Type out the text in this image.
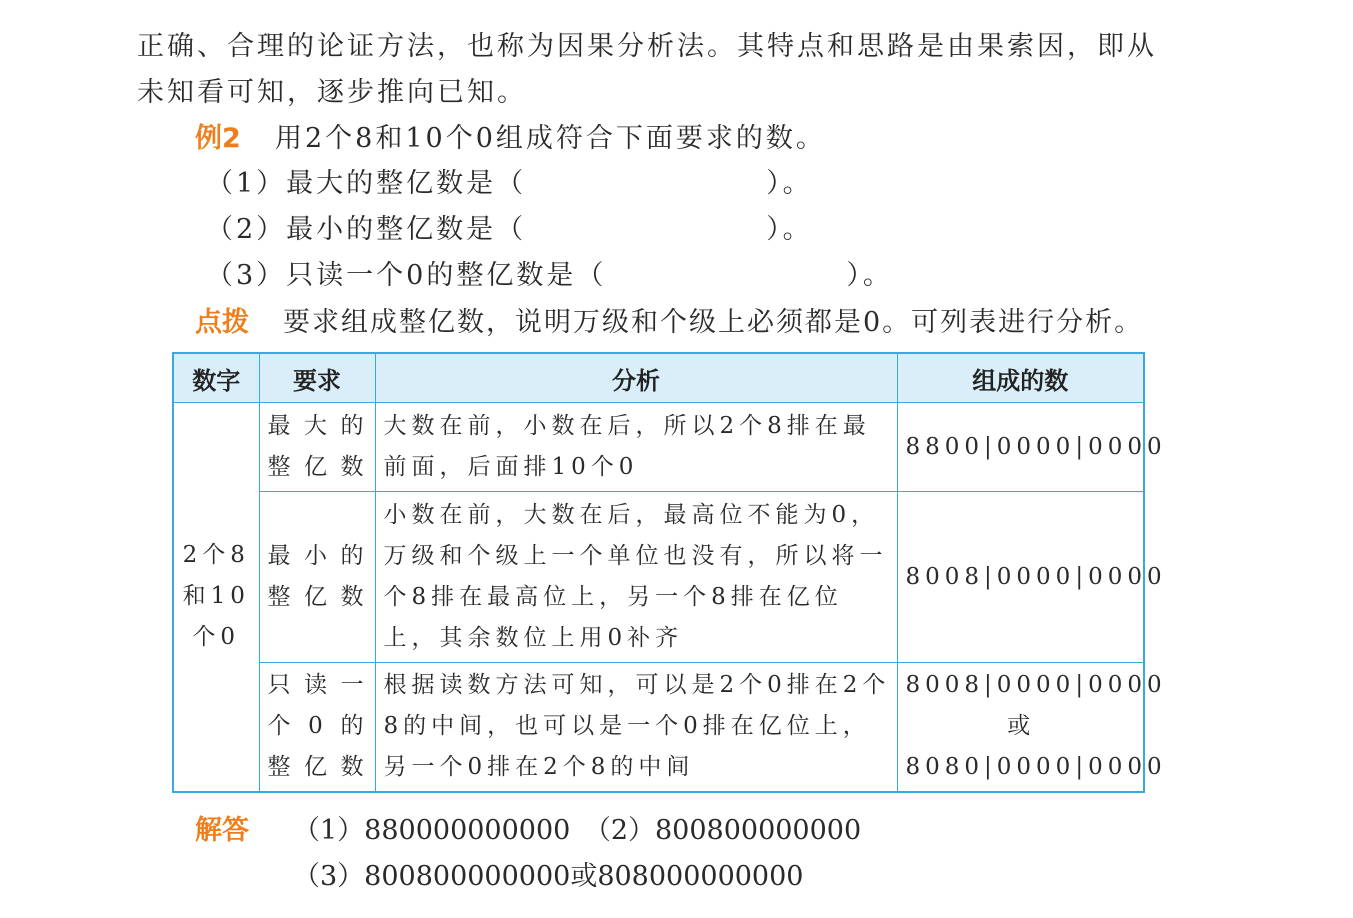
正确、合理的论证方法，也称为因果分析法。其特点和思路是由果索因，即从
未知看可知，逐步推向已知。
例2 用2个8和10个0组成符合下面要求的数。
（1）最大的整亿数是（	）。
（2）最小的整亿数是（	）。
（3）只读一个0的整亿数是（	）。
点拨 要求组成整亿数，说明万级和个级上必须都是0。可列表进行分析。
数字	要求	分析	组成的数
2个8和10个0	最大的整亿数	大数在前，小数在后，所以2个8排在最前面，后面排10个0	8800|0000|0000
	最小的整亿数	小数在前，大数在后，最高位不能为0，万级和个级上一个单位也没有，所以将一个8排在最高位上，另一个8排在亿位上，其余数位上用0补齐	8008|0000|0000
	只读一个0的整亿数	根据读数方法可知，可以是2个0排在2个8的中间，也可以是一个0排在亿位上，另一个0排在2个8的中间	8008|0000|0000 或
8080|0000|0000
解答 （1）880000000000　（2）800800000000
（3）800800000000或808000000000
